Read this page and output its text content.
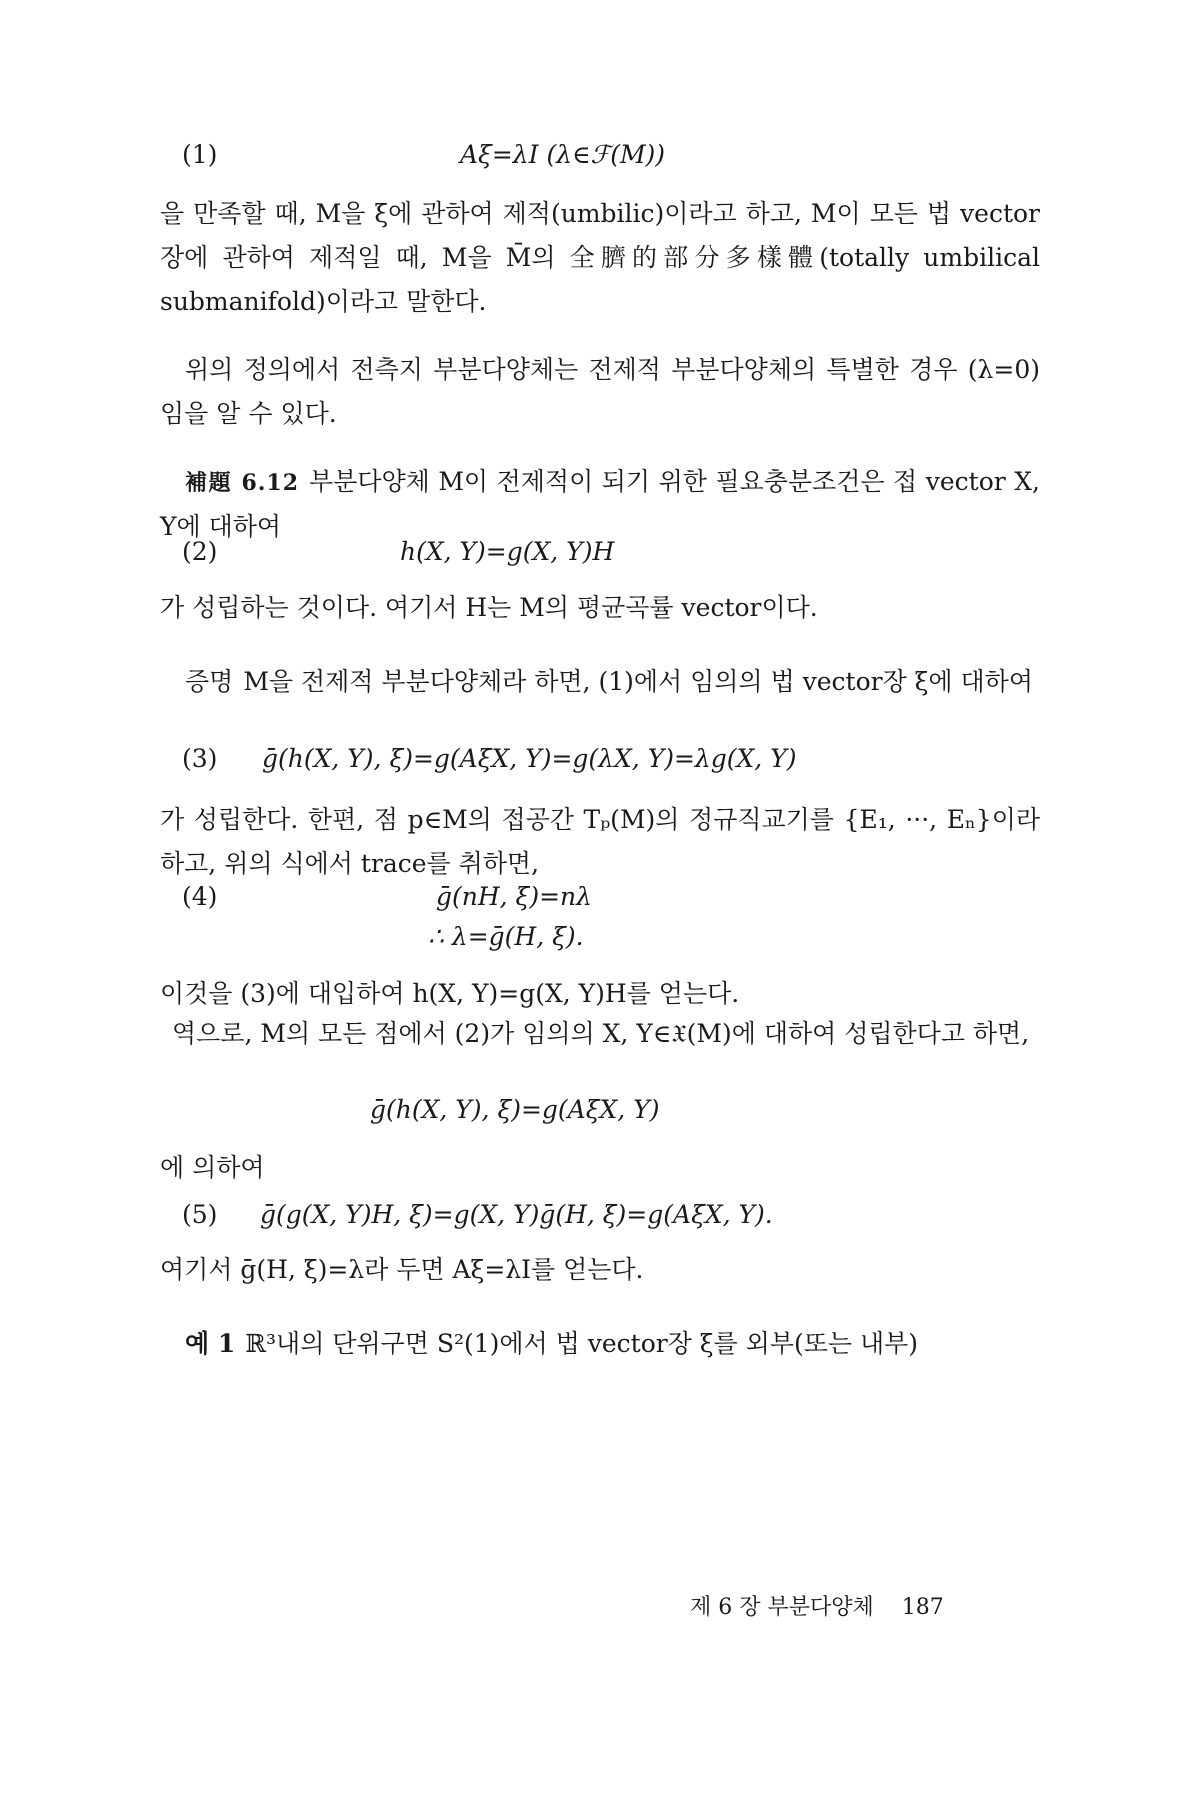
(1)	Aξ=λI (λ∈ℱ(M))
을 만족할 때, M을 ξ에 관하여 제적(umbilic)이라고 하고, M이 모든 법 vector장에 관하여 제적일 때, M을 M̄의 全臍的部分多樣體(totally umbilical submanifold)이라고 말한다.
위의 정의에서 전측지 부분다양체는 전제적 부분다양체의 특별한 경우 (λ=0)임을 알 수 있다.
補題 6.12 부분다양체 M이 전제적이 되기 위한 필요충분조건은 접 vector X, Y에 대하여
(2)	h(X, Y)=g(X, Y)H
가 성립하는 것이다. 여기서 H는 M의 평균곡률 vector이다.
증명 M을 전제적 부분다양체라 하면, (1)에서 임의의 법 vector장 ξ에 대하여
(3) ḡ(h(X, Y), ξ)=g(AξX, Y)=g(λX, Y)=λg(X, Y)
가 성립한다. 한편, 점 p∈M의 접공간 Tₚ(M)의 정규직교기를 {E₁, ···, Eₙ}이라 하고, 위의 식에서 trace를 취하면,
(4)	ḡ(nH, ξ)=nλ
∴ λ=ḡ(H, ξ).
이것을 (3)에 대입하여 h(X, Y)=g(X, Y)H를 얻는다.
역으로, M의 모든 점에서 (2)가 임의의 X, Y∈𝔛(M)에 대하여 성립한다고 하면,
ḡ(h(X, Y), ξ)=g(AξX, Y)
에 의하여
(5) ḡ(g(X, Y)H, ξ)=g(X, Y)ḡ(H, ξ)=g(AξX, Y).
여기서 ḡ(H, ξ)=λ라 두면 Aξ=λI를 얻는다.
예 1 ℝ³내의 단위구면 S²(1)에서 법 vector장 ξ를 외부(또는 내부)
제 6 장 부분다양체 187
